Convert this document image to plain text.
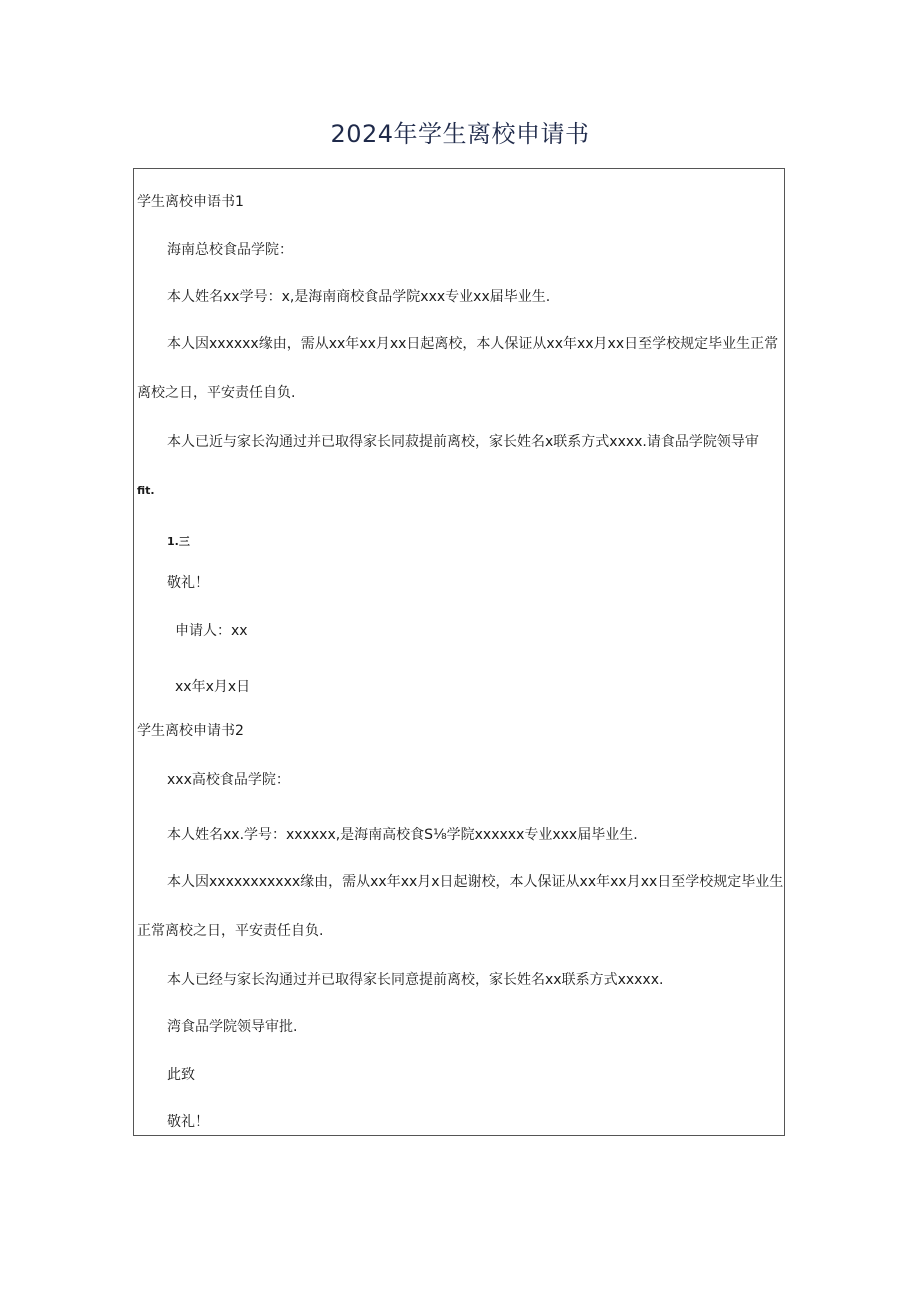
2024年学生离校申请书
学生离校申语书1
海南总校食品学院：
本人姓名xx学号：x,是海南商校食品学院xxx专业xx届毕业生.
本人因xxxxxx缘由，需从xx年xx月xx日起离校，本人保证从xx年xx月xx日至学校规定毕业生正常
离校之日，平安责任自负.
本人已近与家长沟通过并已取得家长同菽提前离校，家长姓名x联系方式xxxx.请食品学院领导审
fit.
1.三
敬礼！
申请人：xx
xx年x月x日
学生离校申请书2
xxx高校食品学院：
本人姓名xx.学号：xxxxxx,是海南高校食S⅛学院xxxxxx专业xxx届毕业生.
本人因xxxxxxxxxxx缘由，需从xx年xx月x日起谢校，本人保证从xx年xx月xx日至学校规定毕业生
正常离校之日，平安责任自负.
本人已经与家长沟通过并已取得家长同意提前离校，家长姓名xx联系方式xxxxx.
湾食品学院领导审批.
此致
敬礼！
